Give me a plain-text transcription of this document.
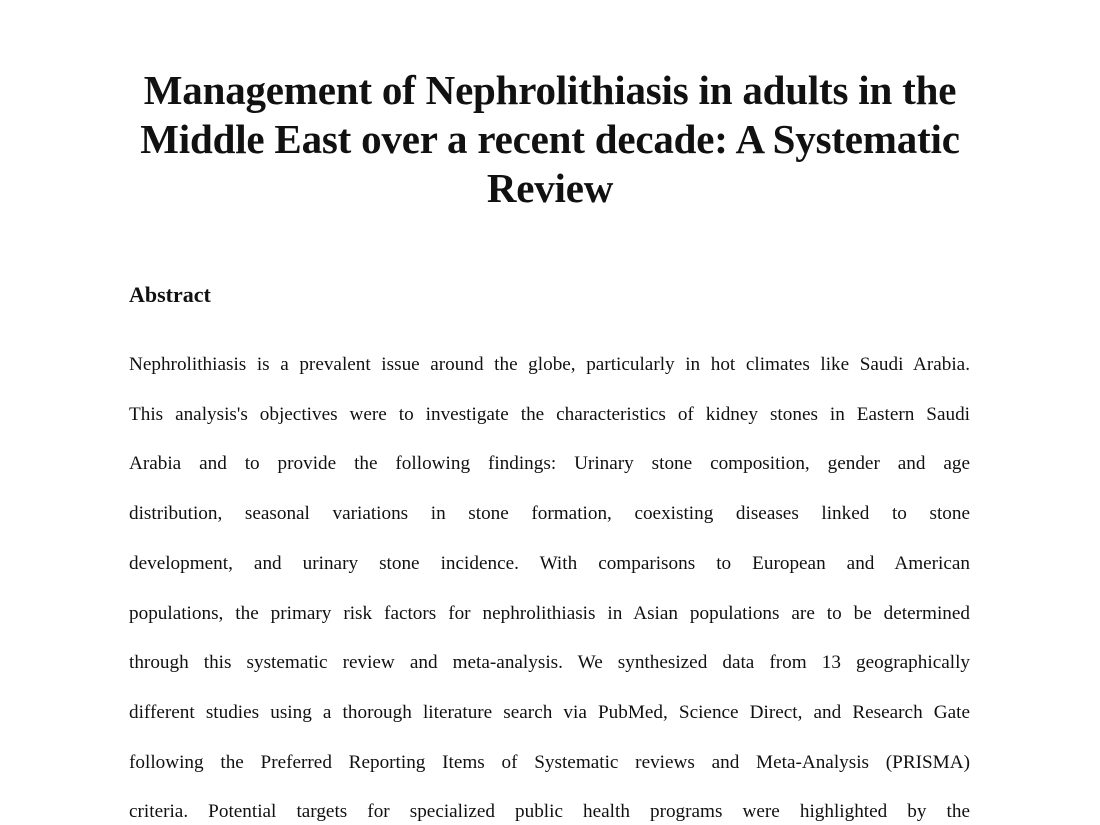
Management of Nephrolithiasis in adults in the Middle East over a recent decade: A Systematic Review
Abstract
Nephrolithiasis is a prevalent issue around the globe, particularly in hot climates like Saudi Arabia.
This analysis's objectives were to investigate the characteristics of kidney stones in Eastern Saudi
Arabia and to provide the following findings: Urinary stone composition, gender and age
distribution, seasonal variations in stone formation, coexisting diseases linked to stone
development, and urinary stone incidence. With comparisons to European and American
populations, the primary risk factors for nephrolithiasis in Asian populations are to be determined
through this systematic review and meta-analysis. We synthesized data from 13 geographically
different studies using a thorough literature search via PubMed, Science Direct, and Research Gate
following the Preferred Reporting Items of Systematic reviews and Meta-Analysis (PRISMA)
criteria. Potential targets for specialized public health programs were highlighted by the
